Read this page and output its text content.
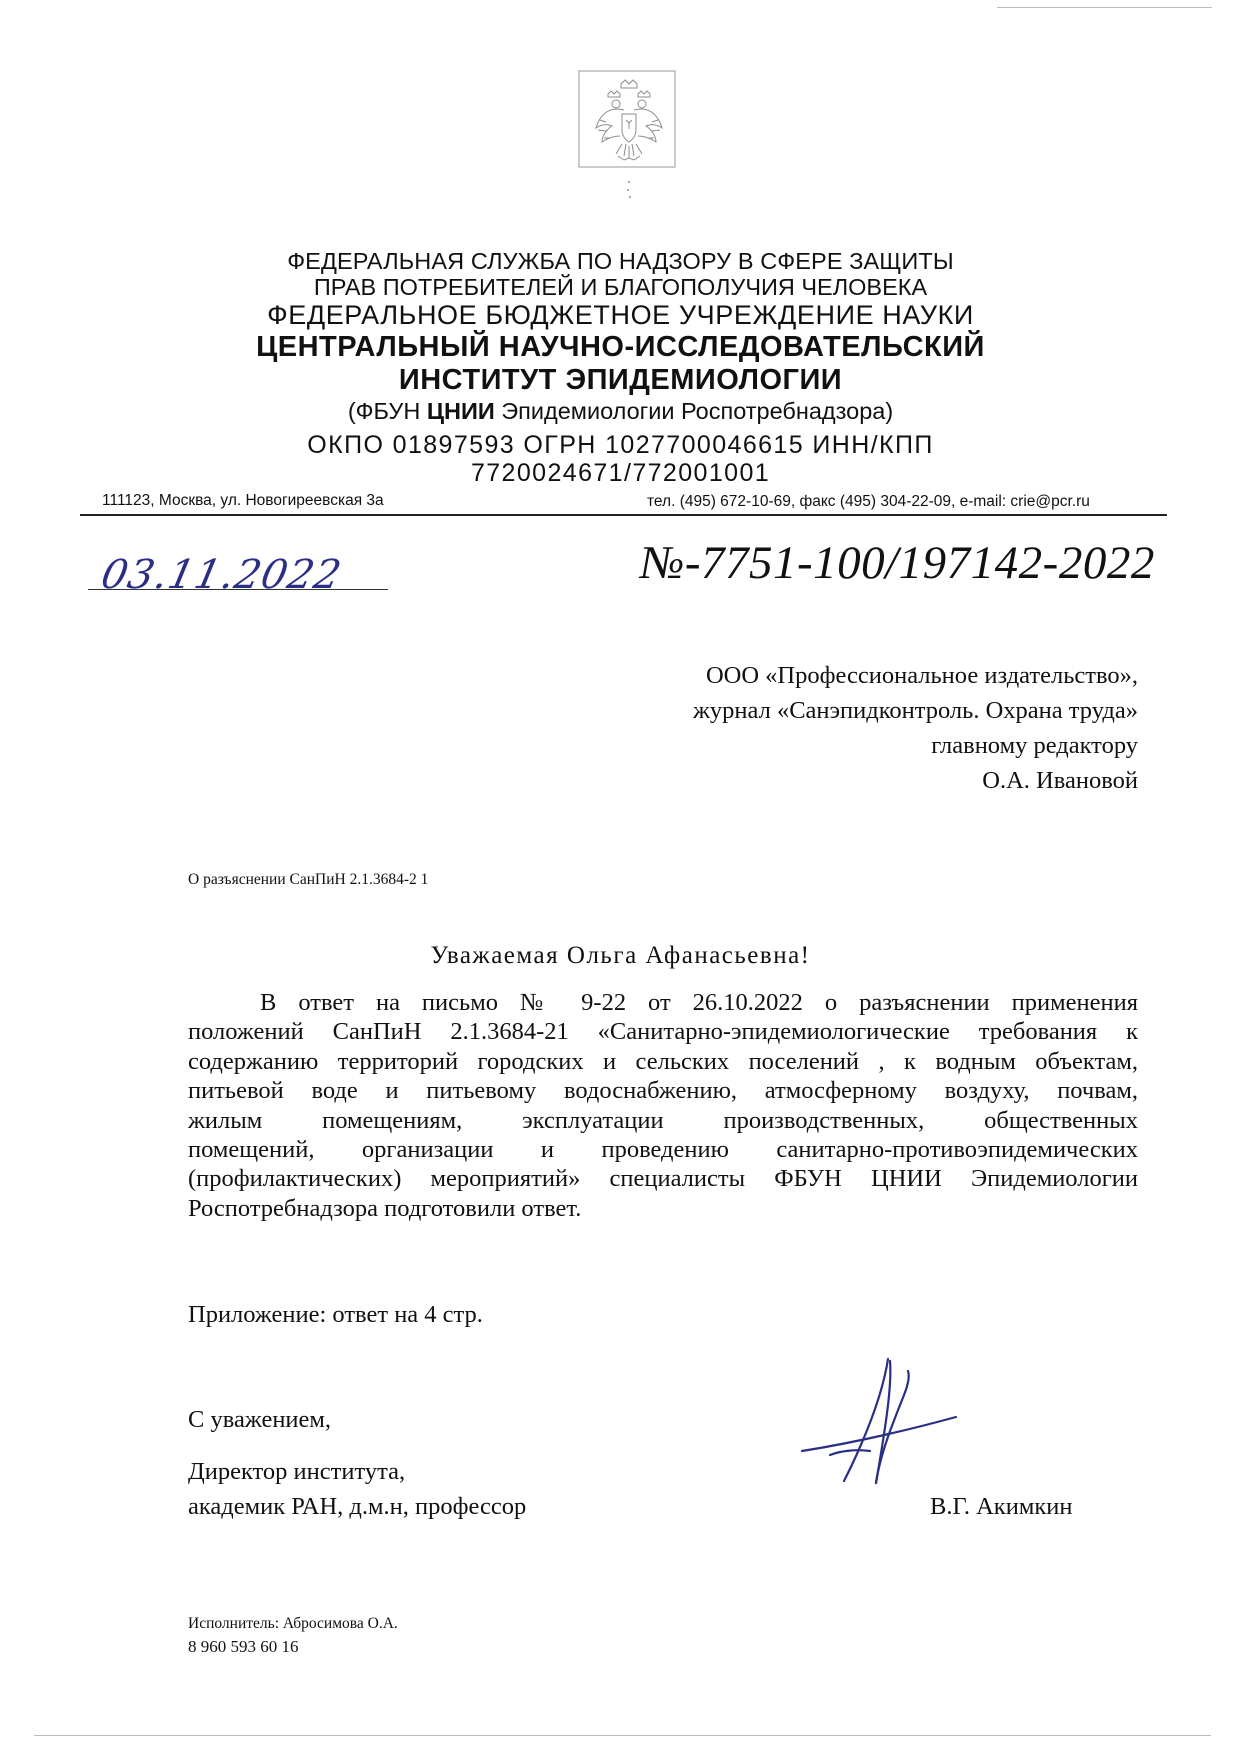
ФЕДЕРАЛЬНАЯ СЛУЖБА ПО НАДЗОРУ В СФЕРЕ ЗАЩИТЫ
ПРАВ ПОТРЕБИТЕЛЕЙ И БЛАГОПОЛУЧИЯ ЧЕЛОВЕКА
ФЕДЕРАЛЬНОЕ БЮДЖЕТНОЕ УЧРЕЖДЕНИЕ НАУКИ
ЦЕНТРАЛЬНЫЙ НАУЧНО-ИССЛЕДОВАТЕЛЬСКИЙ
ИНСТИТУТ ЭПИДЕМИОЛОГИИ
(ФБУН ЦНИИ Эпидемиологии Роспотребнадзора)
ОКПО 01897593 ОГРН 1027700046615 ИНН/КПП
7720024671/772001001
111123, Москва, ул. Новогиреевская 3а	тел. (495) 672-10-69, факс (495) 304-22-09, e-mail: crie@pcr.ru
03.11.2022	№-7751-100/197142-2022
ООО «Профессиональное издательство»,
журнал «Санэпидконтроль. Охрана труда»
главному редактору
О.А. Ивановой
О разъяснении СанПиН 2.1.3684-2 1
Уважаемая Ольга Афанасьевна!
В ответ на письмо № 9-22 от 26.10.2022 о разъяснении применения
положений СанПиН 2.1.3684-21 «Санитарно-эпидемиологические требования к
содержанию территорий городских и сельских поселений , к водным объектам,
питьевой воде и питьевому водоснабжению, атмосферному воздуху, почвам,
жилым помещениям, эксплуатации производственных, общественных
помещений, организации и проведению санитарно-противоэпидемических
(профилактических) мероприятий» специалисты ФБУН ЦНИИ Эпидемиологии
Роспотребнадзора подготовили ответ.
Приложение: ответ на 4 стр.
С уважением,
Директор института,
академик РАН, д.м.н, профессор	В.Г. Акимкин
Исполнитель: Абросимова О.А.
8 960 593 60 16
